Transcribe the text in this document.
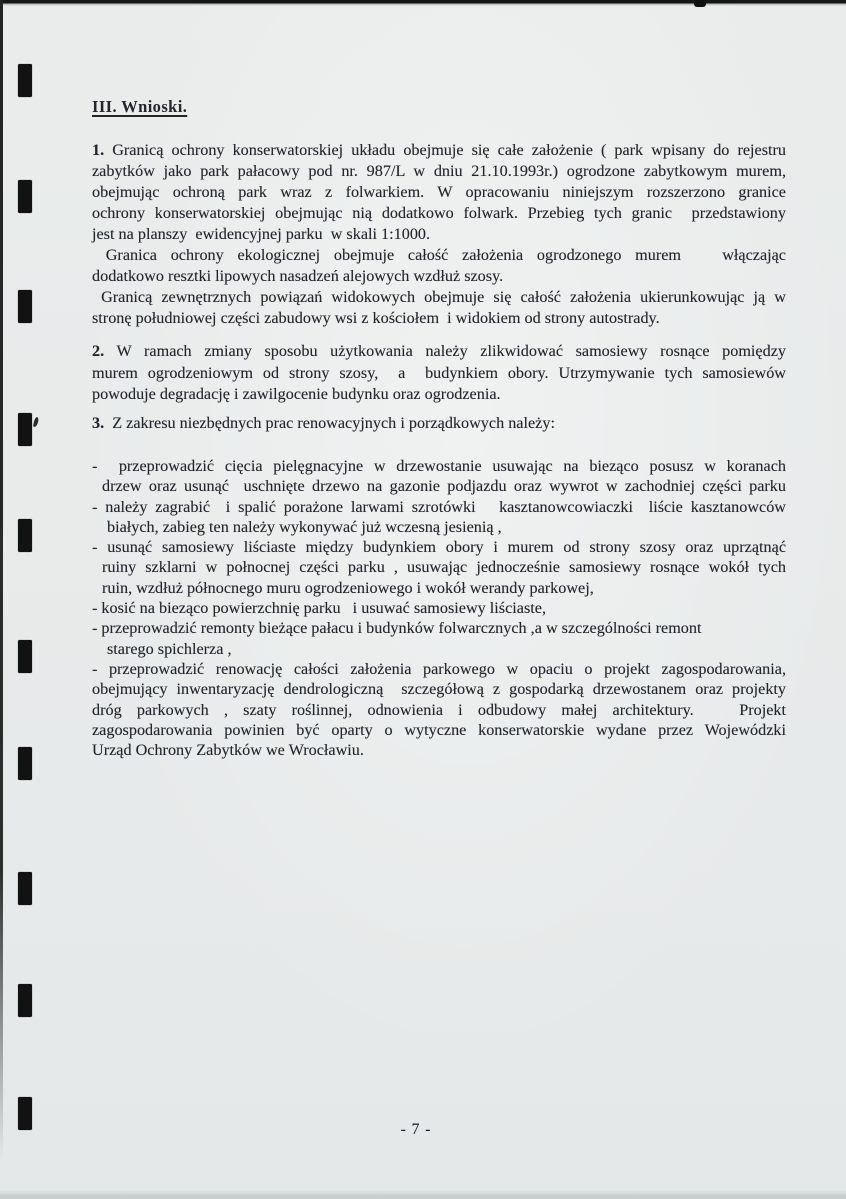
III. Wnioski.
1. Granicą ochrony konserwatorskiej układu obejmuje się całe założenie ( park wpisany do rejestru
zabytków jako park pałacowy pod nr. 987/L w dniu 21.10.1993r.) ogrodzone zabytkowym murem,
obejmując ochroną park wraz z folwarkiem. W opracowaniu niniejszym rozszerzono granice
ochrony konserwatorskiej obejmując nią dodatkowo folwark. Przebieg tych granic  przedstawiony
jest na planszy  ewidencyjnej parku  w skali 1:1000.
Granica ochrony ekologicznej obejmuje całość założenia ogrodzonego murem   włączając
dodatkowo resztki lipowych nasadzeń alejowych wzdłuż szosy.
Granicą zewnętrznych powiązań widokowych obejmuje się całość założenia ukierunkowując ją w
stronę południowej części zabudowy wsi z kościołem  i widokiem od strony autostrady.
2. W ramach zmiany sposobu użytkowania należy zlikwidować samosiewy rosnące pomiędzy
murem ogrodzeniowym od strony szosy,  a  budynkiem obory. Utrzymywanie tych samosiewów
powoduje degradację i zawilgocenie budynku oraz ogrodzenia.
3.  Z zakresu niezbędnych prac renowacyjnych i porządkowych należy:
-  przeprowadzić cięcia pielęgnacyjne w drzewostanie usuwając na bieząco posusz w koranach
drzew oraz usunąć  uschnięte drzewo na gazonie podjazdu oraz wywrot w zachodniej części parku
- należy zagrabić  i spalić porażone larwami szrotówki   kasztanowcowiaczki  liście kasztanowców
białych, zabieg ten należy wykonywać już wczesną jesienią ,
- usunąć samosiewy liściaste między budynkiem obory i murem od strony szosy oraz uprzątnąć
ruiny szklarni w połnocnej części parku , usuwając jednocześnie samosiewy rosnące wokół tych
ruin, wzdłuż północnego muru ogrodzeniowego i wokół werandy parkowej,
- kosić na bieząco powierzchnię parku   i usuwać samosiewy liściaste,
- przeprowadzić remonty bieżące pałacu i budynków folwarcznych ,a w szczególności remont
starego spichlerza ,
- przeprowadzić renowację całości założenia parkowego w opaciu o projekt zagospodarowania,
obejmujący inwentaryzację dendrologiczną  szczegółową z gospodarką drzewostanem oraz projekty
dróg parkowych , szaty roślinnej, odnowienia i odbudowy małej architektury.   Projekt
zagospodarowania powinien być oparty o wytyczne konserwatorskie wydane przez Wojewódzki
Urząd Ochrony Zabytków we Wrocławiu.
- 7 -
